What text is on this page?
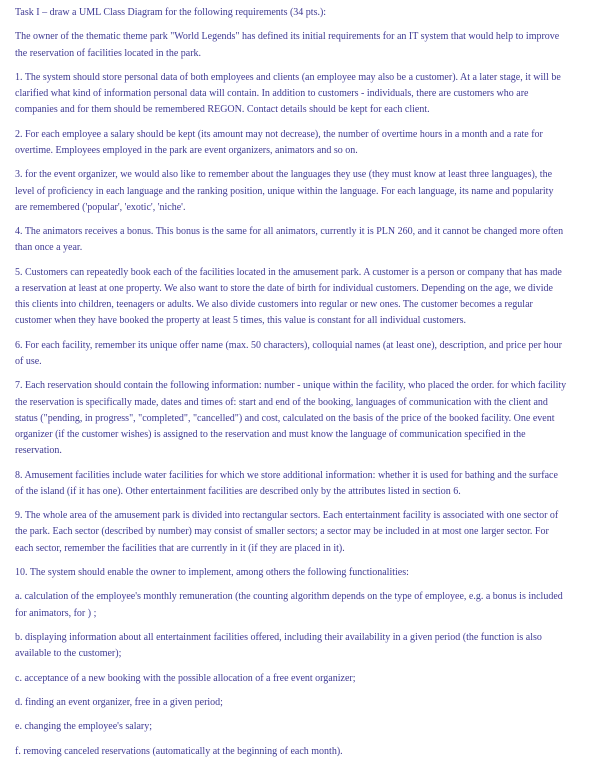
Task I – draw a UML Class Diagram for the following requirements (34 pts.):

The owner of the thematic theme park "World Legends" has defined its initial requirements for an IT system that would help to improve the reservation of facilities located in the park.

1. The system should store personal data of both employees and clients (an employee may also be a customer). At a later stage, it will be clarified what kind of information personal data will contain. In addition to customers - individuals, there are customers who are companies and for them should be remembered REGON. Contact details should be kept for each client.

2. For each employee a salary should be kept (its amount may not decrease), the number of overtime hours in a month and a rate for overtime. Employees employed in the park are event organizers, animators and so on.

3. for the event organizer, we would also like to remember about the languages they use (they must know at least three languages), the level of proficiency in each language and the ranking position, unique within the language. For each language, its name and popularity are remembered ('popular', 'exotic', 'niche'.

4. The animators receives a bonus. This bonus is the same for all animators, currently it is PLN 260, and it cannot be changed more often than once a year.

5. Customers can repeatedly book each of the facilities located in the amusement park. A customer is a person or company that has made a reservation at least at one property. We also want to store the date of birth for individual customers. Depending on the age, we divide this clients into children, teenagers or adults. We also divide customers into regular or new ones. The customer becomes a regular customer when they have booked the property at least 5 times, this value is constant for all individual customers.

6. For each facility, remember its unique offer name (max. 50 characters), colloquial names (at least one), description, and price per hour of use.

7. Each reservation should contain the following information: number - unique within the facility, who placed the order. for which facility the reservation is specifically made, dates and times of: start and end of the booking, languages of communication with the client and status ("pending, in progress", "completed", "cancelled") and cost, calculated on the basis of the price of the booked facility. One event organizer (if the customer wishes) is assigned to the reservation and must know the language of communication specified in the reservation.

8. Amusement facilities include water facilities for which we store additional information: whether it is used for bathing and the surface of the island (if it has one). Other entertainment facilities are described only by the attributes listed in section 6.

9. The whole area of the amusement park is divided into rectangular sectors. Each entertainment facility is associated with one sector of the park. Each sector (described by number) may consist of smaller sectors; a sector may be included in at most one larger sector. For each sector, remember the facilities that are currently in it (if they are placed in it).

10. The system should enable the owner to implement, among others the following functionalities:

a. calculation of the employee's monthly remuneration (the counting algorithm depends on the type of employee, e.g. a bonus is included for animators, for ) ;

b. displaying information about all entertainment facilities offered, including their availability in a given period (the function is also available to the customer);

c. acceptance of a new booking with the possible allocation of a free event organizer;

d. finding an event organizer, free in a given period;

e. changing the employee's salary;

f. removing canceled reservations (automatically at the beginning of each month).
